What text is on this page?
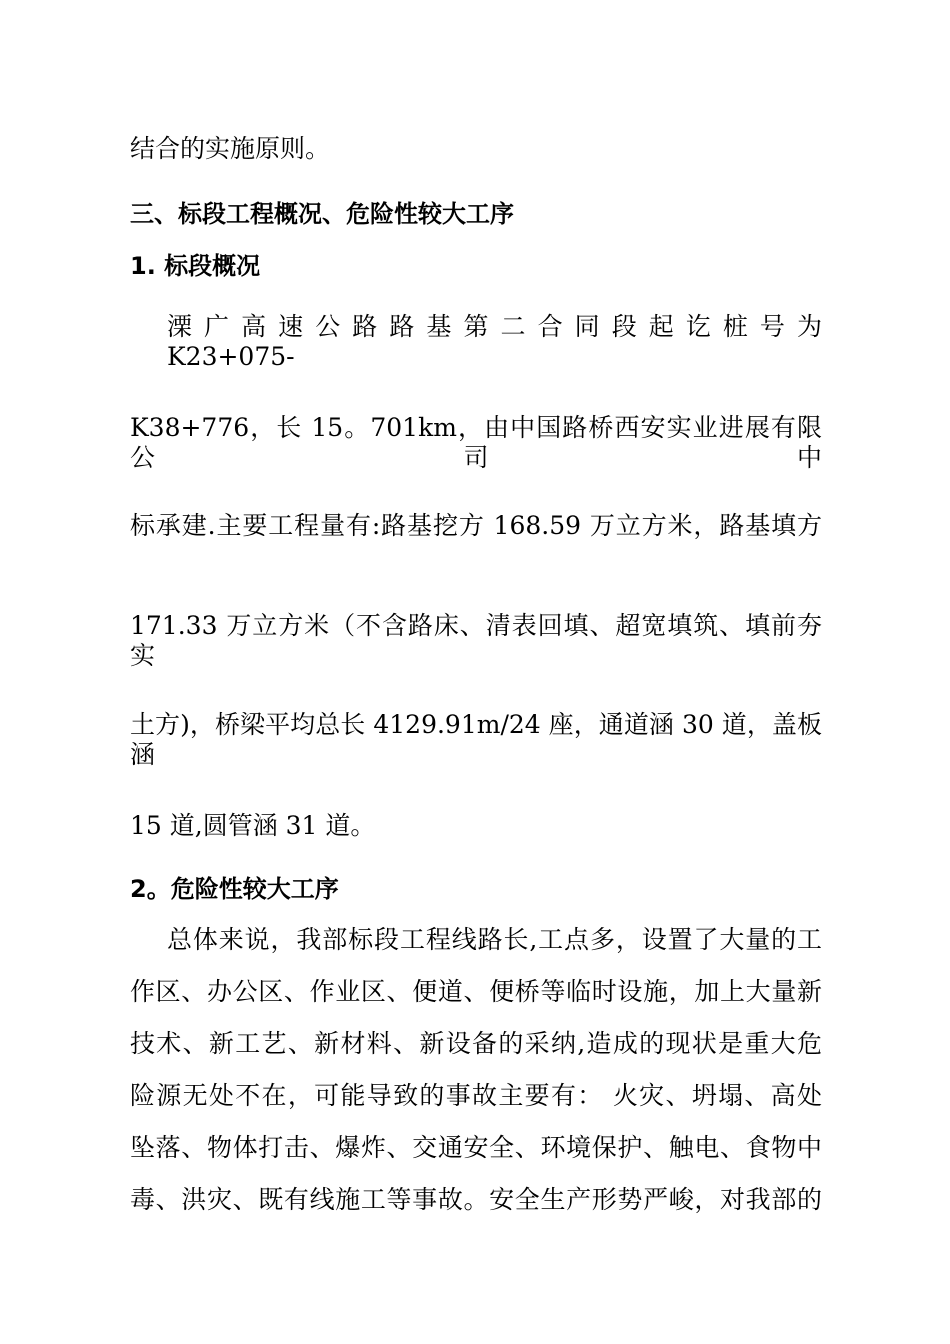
结合的实施原则。
三、标段工程概况、危险性较大工序
1. 标段概况
溧 广 高 速 公 路 路 基 第 二 合 同 段 起 讫 桩 号 为 K23+075-
K38+776，长 15。701km，由中国路桥西安实业进展有限公司中
标承建.主要工程量有:路基挖方 168.59 万立方米，路基填方
171.33 万立方米（不含路床、清表回填、超宽填筑、填前夯实
土方)，桥梁平均总长 4129.91m/24 座，通道涵 30 道，盖板涵
15 道,圆管涵 31 道。
2。危险性较大工序
总体来说，我部标段工程线路长,工点多，设置了大量的工
作区、办公区、作业区、便道、便桥等临时设施，加上大量新
技术、新工艺、新材料、新设备的采纳,造成的现状是重大危
险源无处不在，可能导致的事故主要有： 火灾、坍塌、高处
坠落、物体打击、爆炸、交通安全、环境保护、触电、食物中
毒、洪灾、既有线施工等事故。安全生产形势严峻，对我部的
